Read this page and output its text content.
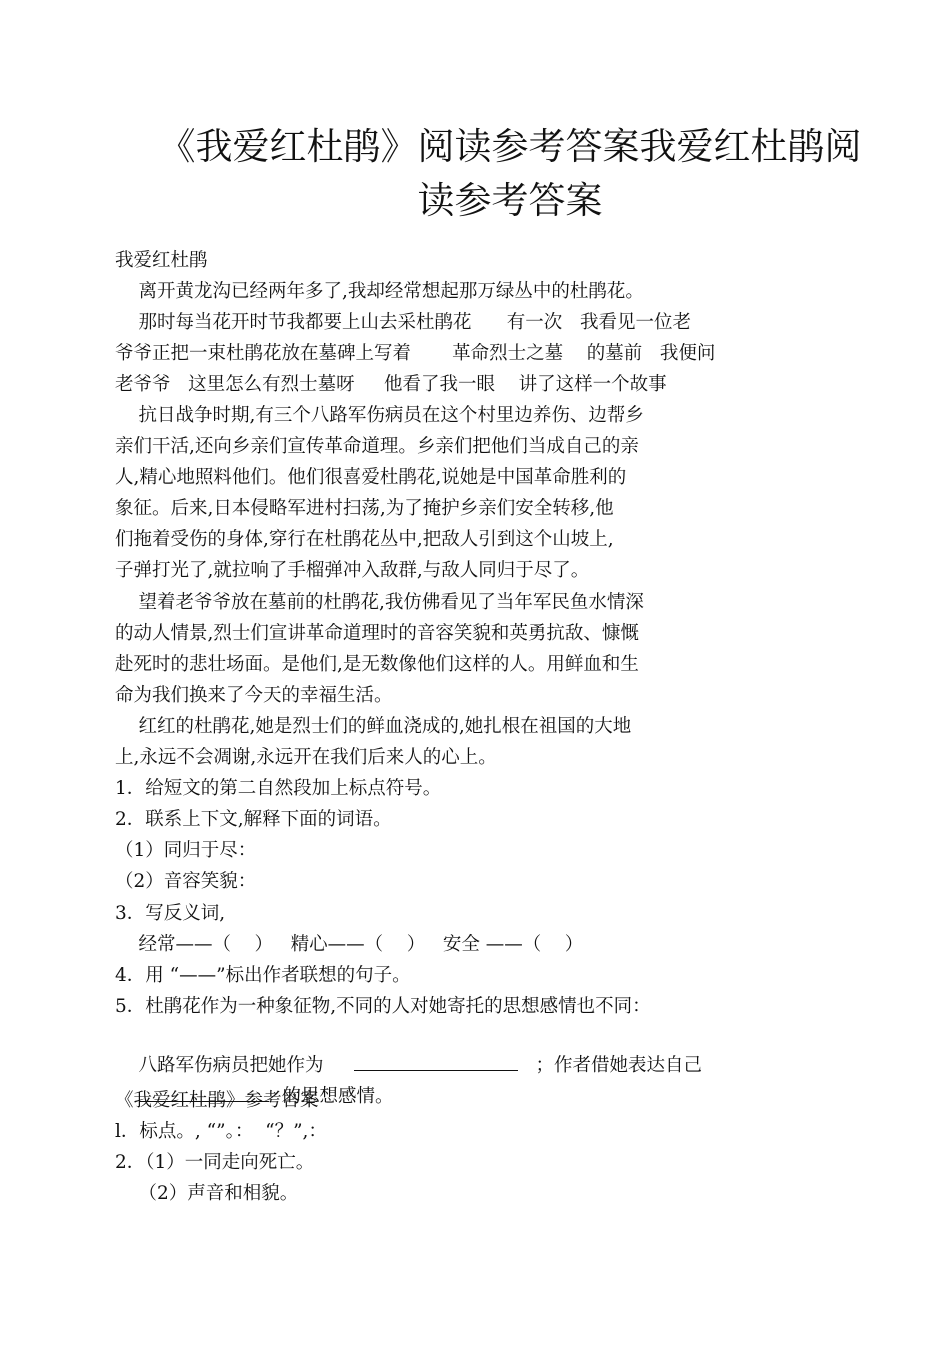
《我爱红杜鹃》阅读参考答案我爱红杜鹃阅
读参考答案
我爱红杜鹃
离开黄龙沟已经两年多了,我却经常想起那万绿丛中的杜鹃花。
那时每当花开时节我都要上山去采杜鹃花      有一次   我看见一位老
爷爷正把一束杜鹃花放在墓碑上写着       革命烈士之墓    的墓前   我便问
老爷爷   这里怎么有烈士墓呀     他看了我一眼    讲了这样一个故事
抗日战争时期,有三个八路军伤病员在这个村里边养伤、边帮乡
亲们干活,还向乡亲们宣传革命道理。乡亲们把他们当成自己的亲
人,精心地照料他们。他们很喜爱杜鹃花,说她是中国革命胜利的
象征。后来,日本侵略军进村扫荡,为了掩护乡亲们安全转移,他
们拖着受伤的身体,穿行在杜鹃花丛中,把敌人引到这个山坡上,
子弹打光了,就拉响了手榴弹冲入敌群,与敌人同归于尽了。
望着老爷爷放在墓前的杜鹃花,我仿佛看见了当年军民鱼水情深
的动人情景,烈士们宣讲革命道理时的音容笑貌和英勇抗敌、慷慨
赴死时的悲壮场面。是他们,是无数像他们这样的人。用鲜血和生
命为我们换来了今天的幸福生活。
红红的杜鹃花,她是烈士们的鲜血浇成的,她扎根在祖国的大地
上,永远不会凋谢,永远开在我们后来人的心上。
1．给短文的第二自然段加上标点符号。
2．联系上下文,解释下面的词语。
（1）同归于尽：
（2）音容笑貌：
3．写反义词,
经常——（    ）   精心——（    ）   安全 ——（    ）
4．用 “——”标出作者联想的句子。
5．杜鹃花作为一种象征物,不同的人对她寄托的思想感情也不同：

八路军伤病员把她作为	；作者借她表达自己

的思想感情。

《我爱红杜鹃》参考答案
l．标点。, “”。：  “？”,：
2．（1）一同走向死亡。
（2）声音和相貌。
